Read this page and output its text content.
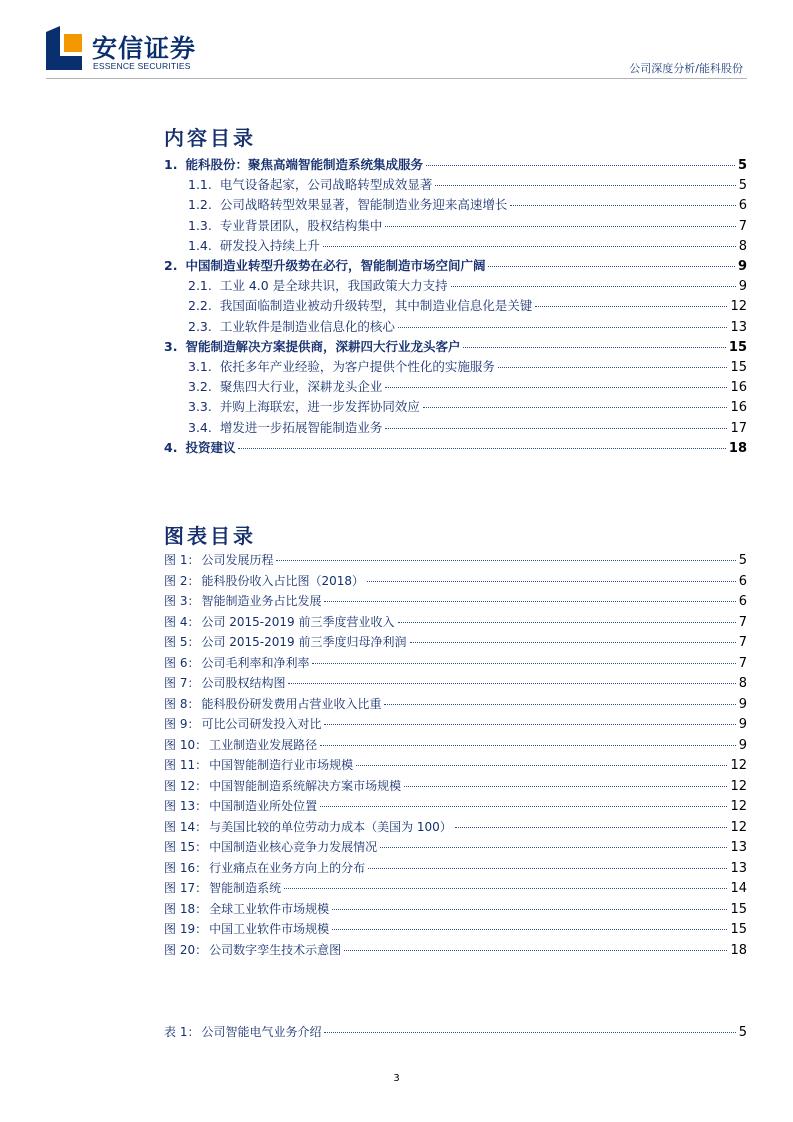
安信证券
ESSENCE SECURITIES	公司深度分析/能科股份
内容目录
1. 能科股份：聚焦高端智能制造系统集成服务	5
1.1. 电气设备起家，公司战略转型成效显著	5
1.2. 公司战略转型效果显著，智能制造业务迎来高速增长	6
1.3. 专业背景团队，股权结构集中	7
1.4. 研发投入持续上升	8
2. 中国制造业转型升级势在必行，智能制造市场空间广阔	9
2.1. 工业 4.0 是全球共识，我国政策大力支持	9
2.2. 我国面临制造业被动升级转型，其中制造业信息化是关键	12
2.3. 工业软件是制造业信息化的核心	13
3. 智能制造解决方案提供商，深耕四大行业龙头客户	15
3.1. 依托多年产业经验，为客户提供个性化的实施服务	15
3.2. 聚焦四大行业，深耕龙头企业	16
3.3. 并购上海联宏，进一步发挥协同效应	16
3.4. 增发进一步拓展智能制造业务	17
4. 投资建议	18
图表目录
图 1： 公司发展历程	5
图 2： 能科股份收入占比图（2018）	6
图 3： 智能制造业务占比发展	6
图 4： 公司 2015-2019 前三季度营业收入	7
图 5： 公司 2015-2019 前三季度归母净利润	7
图 6： 公司毛利率和净利率	7
图 7： 公司股权结构图	8
图 8： 能科股份研发费用占营业收入比重	9
图 9： 可比公司研发投入对比	9
图 10： 工业制造业发展路径	9
图 11： 中国智能制造行业市场规模	12
图 12： 中国智能制造系统解决方案市场规模	12
图 13： 中国制造业所处位置	12
图 14： 与美国比较的单位劳动力成本（美国为 100）	12
图 15： 中国制造业核心竞争力发展情况	13
图 16： 行业痛点在业务方向上的分布	13
图 17： 智能制造系统	14
图 18： 全球工业软件市场规模	15
图 19： 中国工业软件市场规模	15
图 20： 公司数字孪生技术示意图	18
表 1： 公司智能电气业务介绍	5
3
